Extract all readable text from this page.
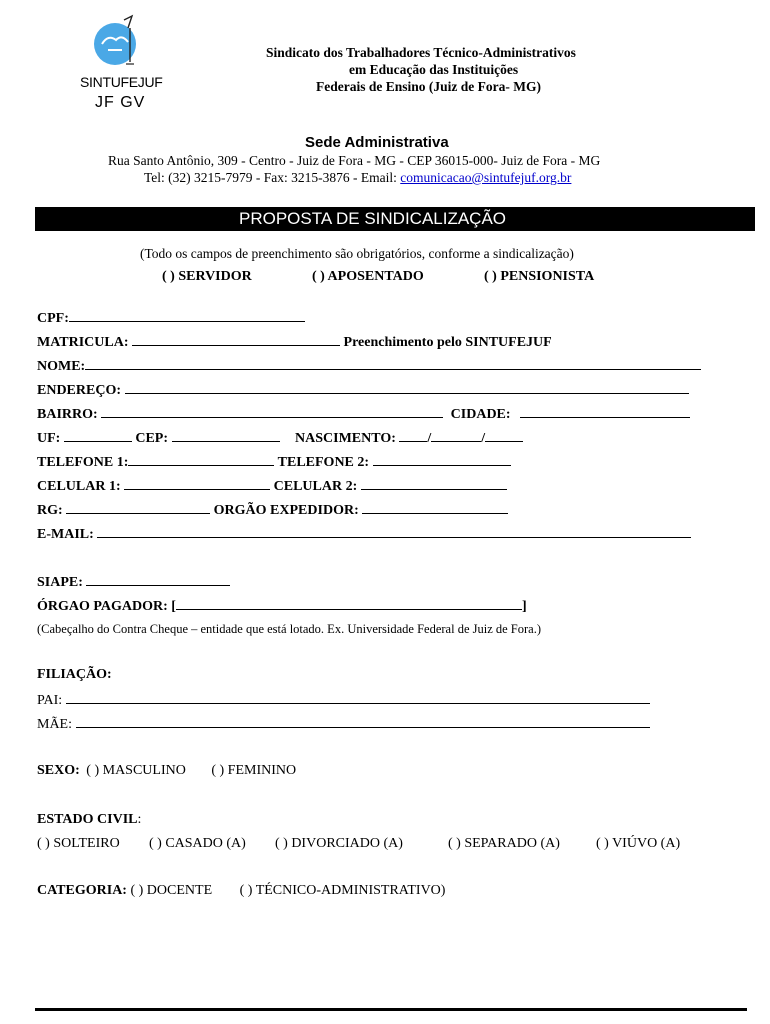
SINTUFEJUF
JF GV
Sindicato dos Trabalhadores Técnico-Administrativos
em Educação das Instituições
Federais de Ensino (Juiz de Fora- MG)
Sede Administrativa
Rua Santo Antônio, 309 - Centro - Juiz de Fora - MG - CEP 36015-000- Juiz de Fora - MG
Tel: (32) 3215-7979 - Fax: 3215-3876 - Email: comunicacao@sintufejuf.org.br
PROPOSTA DE SINDICALIZAÇÃO
(Todo os campos de preenchimento são obrigatórios, conforme a sindicalização)
( ) SERVIDOR	( ) APOSENTADO	( ) PENSIONISTA
CPF:
MATRICULA:	Preenchimento pelo SINTUFEJUF
NOME:
ENDEREÇO:
BAIRRO:	CIDADE:
UF:	CEP:	NASCIMENTO: /	/
TELEFONE 1:	TELEFONE 2:
CELULAR 1:	CELULAR 2:
RG:	ORGÃO EXPEDIDOR:
E-MAIL:
SIAPE:
ÓRGAO PAGADOR: [	]
(Cabeçalho do Contra Cheque – entidade que está lotado. Ex. Universidade Federal de Juiz de Fora.)
FILIAÇÃO:
PAI:
MÃE:
SEXO: ( ) MASCULINO ( ) FEMININO
ESTADO CIVIL:
( ) SOLTEIRO ( ) CASADO (A) ( ) DIVORCIADO (A)	( ) SEPARADO (A)	( ) VIÚVO (A)
CATEGORIA: ( ) DOCENTE ( ) TÉCNICO-ADMINISTRATIVO)
